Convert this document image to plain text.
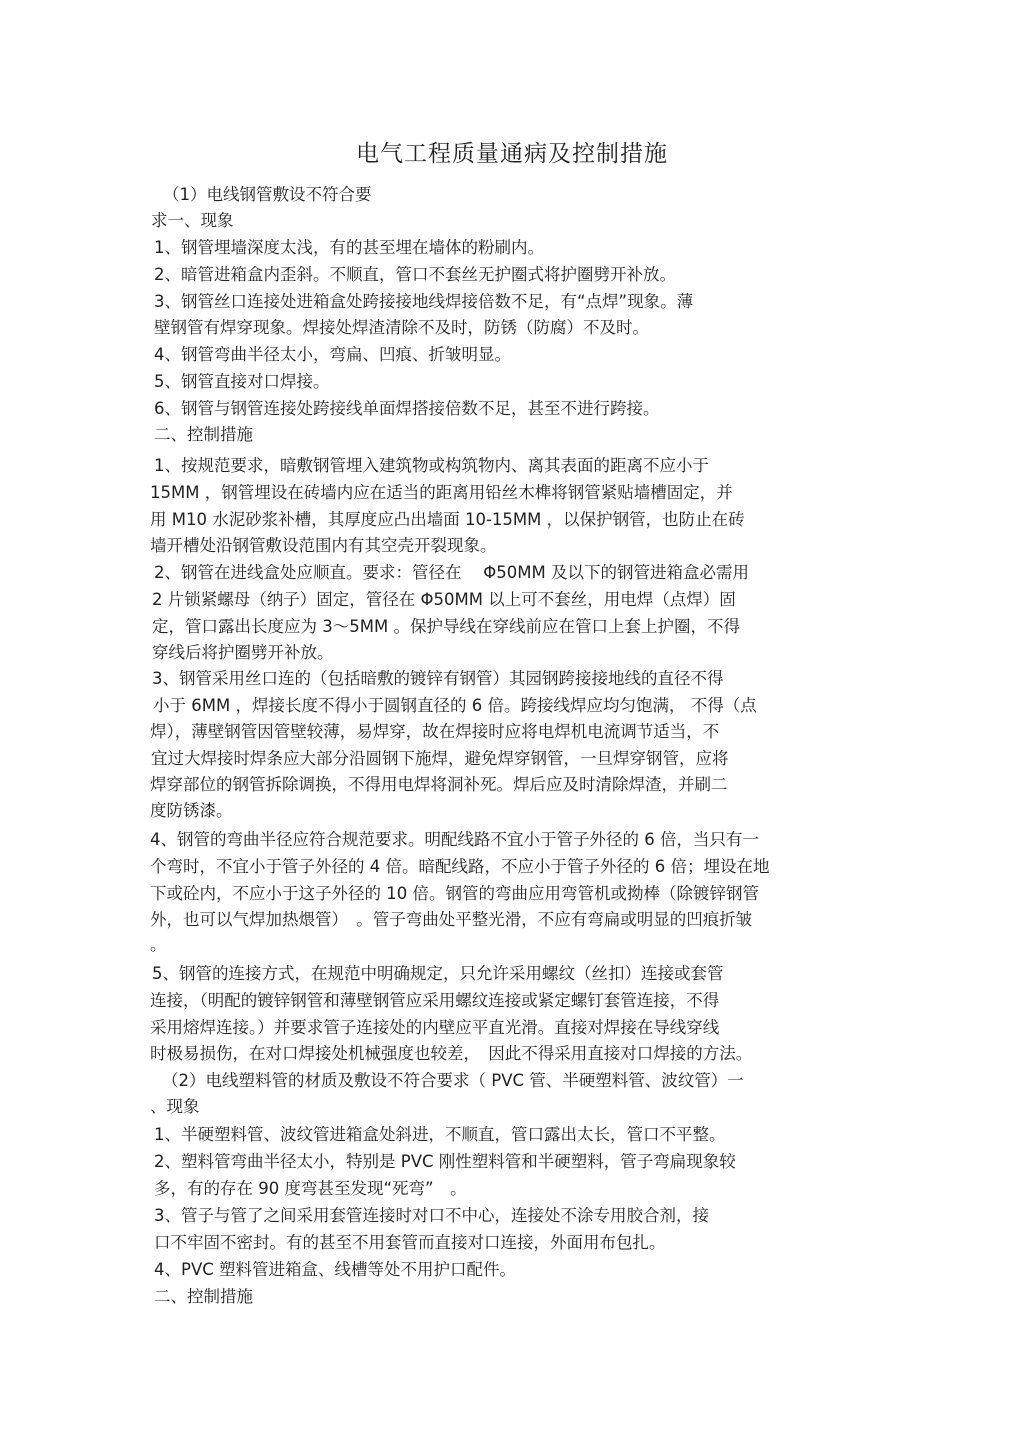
电气工程质量通病及控制措施
（1）电线钢管敷设不符合要
求一、现象
1、钢管埋墙深度太浅，有的甚至埋在墙体的粉刷内。
2、暗管进箱盒内歪斜。不顺直，管口不套丝无护圈式将护圈劈开补放。
3、钢管丝口连接处进箱盒处跨接接地线焊接倍数不足，有“点焊”现象。薄
壁钢管有焊穿现象。焊接处焊渣清除不及时，防锈（防腐）不及时。
4、钢管弯曲半径太小，弯扁、凹痕、折皱明显。
5、钢管直接对口焊接。
6、钢管与钢管连接处跨接线单面焊搭接倍数不足，甚至不进行跨接。
二、控制措施
1、按规范要求，暗敷钢管埋入建筑物或构筑物内、离其表面的距离不应小于
15MM ，钢管埋设在砖墙内应在适当的距离用铅丝木榫将钢管紧贴墙槽固定，并
用 M10 水泥砂浆补槽，其厚度应凸出墙面 10-15MM ，以保护钢管，也防止在砖
墙开槽处沿钢管敷设范围内有其空壳开裂现象。
2、钢管在进线盒处应顺直。要求：管径在　 Φ50MM 及以下的钢管进箱盒必需用
2 片锁紧螺母（纳子）固定，管径在 Φ50MM 以上可不套丝，用电焊（点焊）固
定，管口露出长度应为 3～5MM 。保护导线在穿线前应在管口上套上护圈，不得
穿线后将护圈劈开补放。
3、钢管采用丝口连的（包括暗敷的镀锌有钢管）其园钢跨接接地线的直径不得
小于 6MM ，焊接长度不得小于圆钢直径的 6 倍。跨接线焊应均匀饱满， 不得（点
焊），薄壁钢管因管壁较薄，易焊穿，故在焊接时应将电焊机电流调节适当，不
宜过大焊接时焊条应大部分沿圆钢下施焊，避免焊穿钢管，一旦焊穿钢管，应将
焊穿部位的钢管拆除调换，不得用电焊将洞补死。焊后应及时清除焊渣，并刷二
度防锈漆。
4、钢管的弯曲半径应符合规范要求。明配线路不宜小于管子外径的 6 倍，当只有一
个弯时，不宜小于管子外径的 4 倍。暗配线路，不应小于管子外径的 6 倍；埋设在地
下或砼内，不应小于这子外径的 10 倍。钢管的弯曲应用弯管机或拗棒（除镀锌钢管
外，也可以气焊加热煨管）　。管子弯曲处平整光滑，不应有弯扁或明显的凹痕折皱
。
5、钢管的连接方式，在规范中明确规定，只允许采用螺纹（丝扣）连接或套管
连接，（明配的镀锌钢管和薄壁钢管应采用螺纹连接或紧定螺钉套管连接，不得
采用熔焊连接。）并要求管子连接处的内壁应平直光滑。直接对焊接在导线穿线
时极易损伤，在对口焊接处机械强度也较差，　因此不得采用直接对口焊接的方法。
（2）电线塑料管的材质及敷设不符合要求（ PVC 管、半硬塑料管、波纹管）一
、现象
1、半硬塑料管、波纹管进箱盒处斜进，不顺直，管口露出太长，管口不平整。
2、塑料管弯曲半径太小，特别是 PVC 刚性塑料管和半硬塑料，管子弯扁现象较
多，有的存在 90 度弯甚至发现“死弯”　。
3、管子与管了之间采用套管连接时对口不中心，连接处不涂专用胶合剂，接
口不牢固不密封。有的甚至不用套管而直接对口连接，外面用布包扎。
4、PVC 塑料管进箱盒、线槽等处不用护口配件。
二、控制措施
